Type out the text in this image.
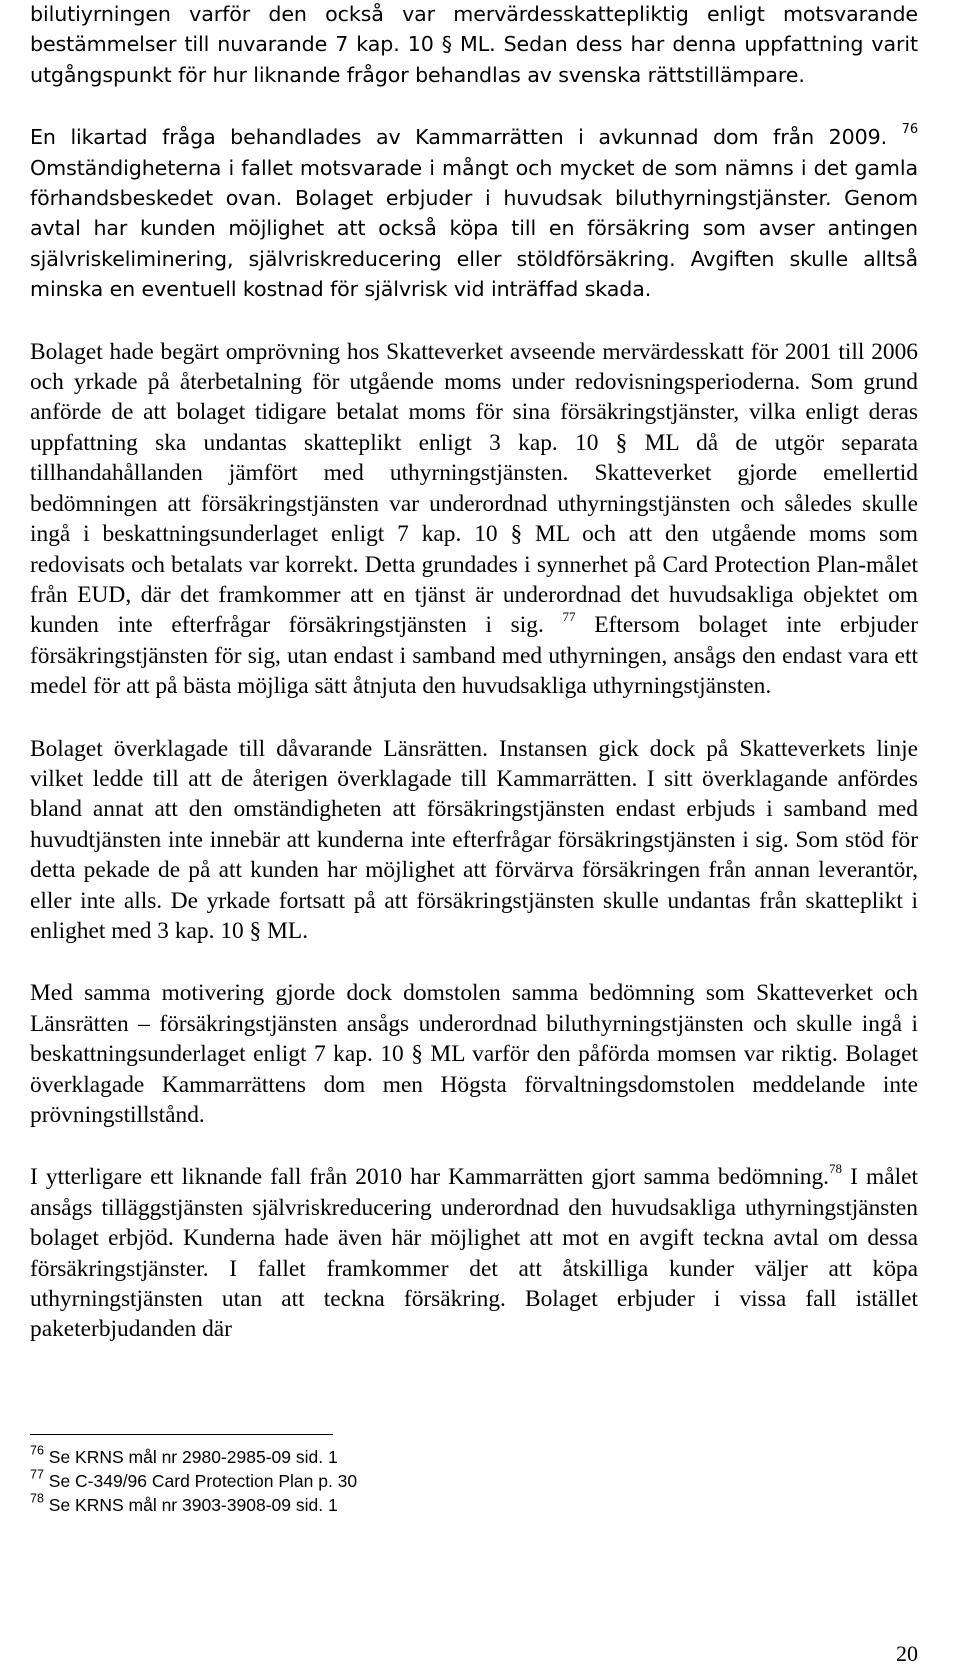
bilutiyrningen varför den också var mervärdesskattepliktig enligt motsvarande bestämmelser till nuvarande 7 kap. 10 § ML. Sedan dess har denna uppfattning varit utgångspunkt för hur liknande frågor behandlas av svenska rättstillämpare.

En likartad fråga behandlades av Kammarrätten i avkunnad dom från 2009. $^{76}$ Omständigheterna i fallet motsvarade i mångt och mycket de som nämns i det gamla förhandsbeskedet ovan. Bolaget erbjuder i huvudsak biluthyrningstjänster. Genom avtal har kunden möjlighet att också köpa till en försäkring som avser antingen självriskeliminering, självriskreducering eller stöldförsäkring. Avgiften skulle alltså minska en eventuell kostnad för självrisk vid inträffad skada.

Bolaget hade begärt omprövning hos Skatteverket avseende mervärdesskatt för 2001 till 2006 och yrkade på återbetalning för utgående moms under redovisningsperioderna. Som grund anförde de att bolaget tidigare betalat moms för sina försäkringstjänster, vilka enligt deras uppfattning ska undantas skatteplikt enligt 3 kap. 10 § ML då de utgör separata tillhandahållanden jämfört med uthyrningstjänsten. Skatteverket gjorde emellertid bedömningen att försäkringstjänsten var underordnad uthyrningstjänsten och således skulle ingå i beskattningsunderlaget enligt 7 kap. 10 § ML och att den utgående moms som redovisats och betalats var korrekt. Detta grundades i synnerhet på Card Protection Plan-målet från EUD, där det framkommer att en tjänst är underordnad det huvudsakliga objektet om kunden inte efterfrågar försäkringstjänsten i sig. $^{77}$ Eftersom bolaget inte erbjuder försäkringstjänsten för sig, utan endast i samband med uthyrningen, ansågs den endast vara ett medel för att på bästa möjliga sätt åtnjuta den huvudsakliga uthyrningstjänsten.

Bolaget överklagade till dåvarande Länsrätten. Instansen gick dock på Skatteverkets linje vilket ledde till att de återigen överklagade till Kammarrätten. I sitt överklagande anfördes bland annat att den omständigheten att försäkringstjänsten endast erbjuds i samband med huvudtjänsten inte innebär att kunderna inte efterfrågar försäkringstjänsten i sig. Som stöd för detta pekade de på att kunden har möjlighet att förvärva försäkringen från annan leverantör, eller inte alls. De yrkade fortsatt på att försäkringstjänsten skulle undantas från skatteplikt i enlighet med 3 kap. 10 § ML.

Med samma motivering gjorde dock domstolen samma bedömning som Skatteverket och Länsrätten – försäkringstjänsten ansågs underordnad biluthyrningstjänsten och skulle ingå i beskattningsunderlaget enligt 7 kap. 10 § ML varför den påförda momsen var riktig. Bolaget överklagade Kammarrättens dom men Högsta förvaltningsdomstolen meddelande inte prövningstillstånd.

I ytterligare ett liknande fall från 2010 har Kammarrätten gjort samma bedömning.$^{78}$ I målet ansågs tilläggstjänsten självriskreducering underordnad den huvudsakliga uthyrningstjänsten bolaget erbjöd. Kunderna hade även här möjlighet att mot en avgift teckna avtal om dessa försäkringstjänster. I fallet framkommer det att åtskilliga kunder väljer att köpa uthyrningstjänsten utan att teckna försäkring. Bolaget erbjuder i vissa fall istället paketerbjudanden där

$^{76}$ Se KRNS mål nr 2980-2985-09 sid. 1

$^{77}$ Se C-349/96 Card Protection Plan p. 30

$^{78}$ Se KRNS mål nr 3903-3908-09 sid. 1

20
